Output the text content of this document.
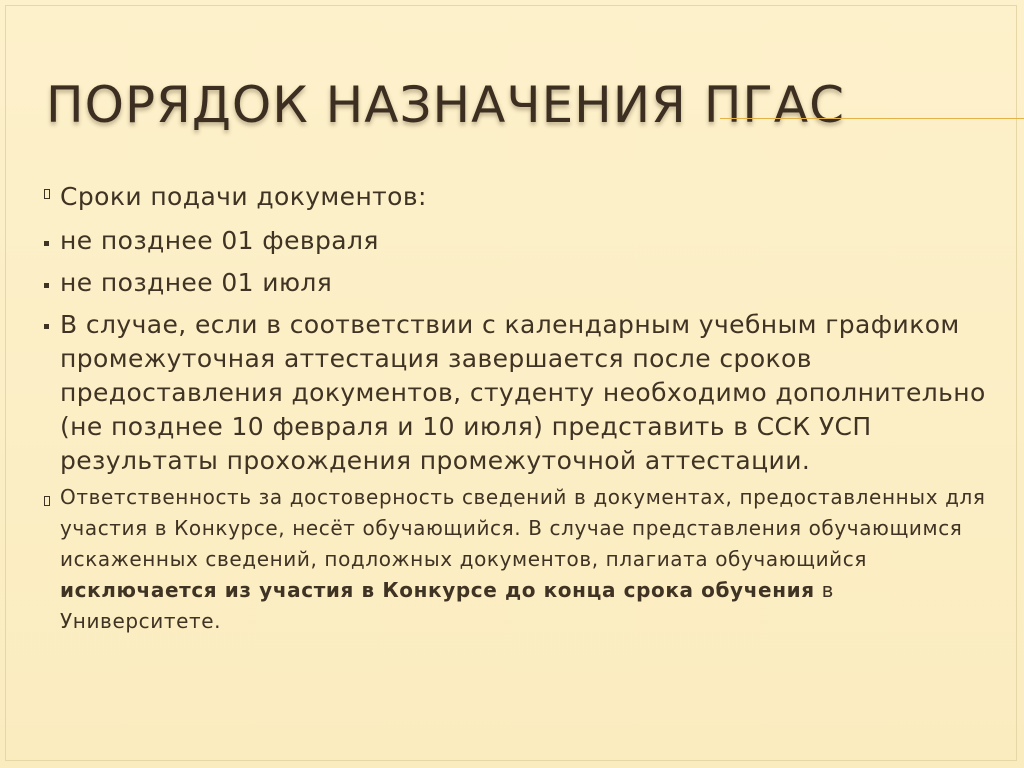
ПОРЯДОК НАЗНАЧЕНИЯ ПГАС
Сроки подачи документов:
не позднее 01 февраля
не позднее 01 июля
В случае, если в соответствии с календарным учебным графиком промежуточная аттестация завершается после сроков предоставления документов, студенту необходимо дополнительно (не позднее 10 февраля и 10 июля) представить в ССК УСП результаты прохождения промежуточной аттестации.
Ответственность за достоверность сведений в документах, предоставленных для участия в Конкурсе, несёт обучающийся. В случае представления обучающимся искаженных сведений, подложных документов, плагиата обучающийся исключается из участия в Конкурсе до конца срока обучения в Университете.
